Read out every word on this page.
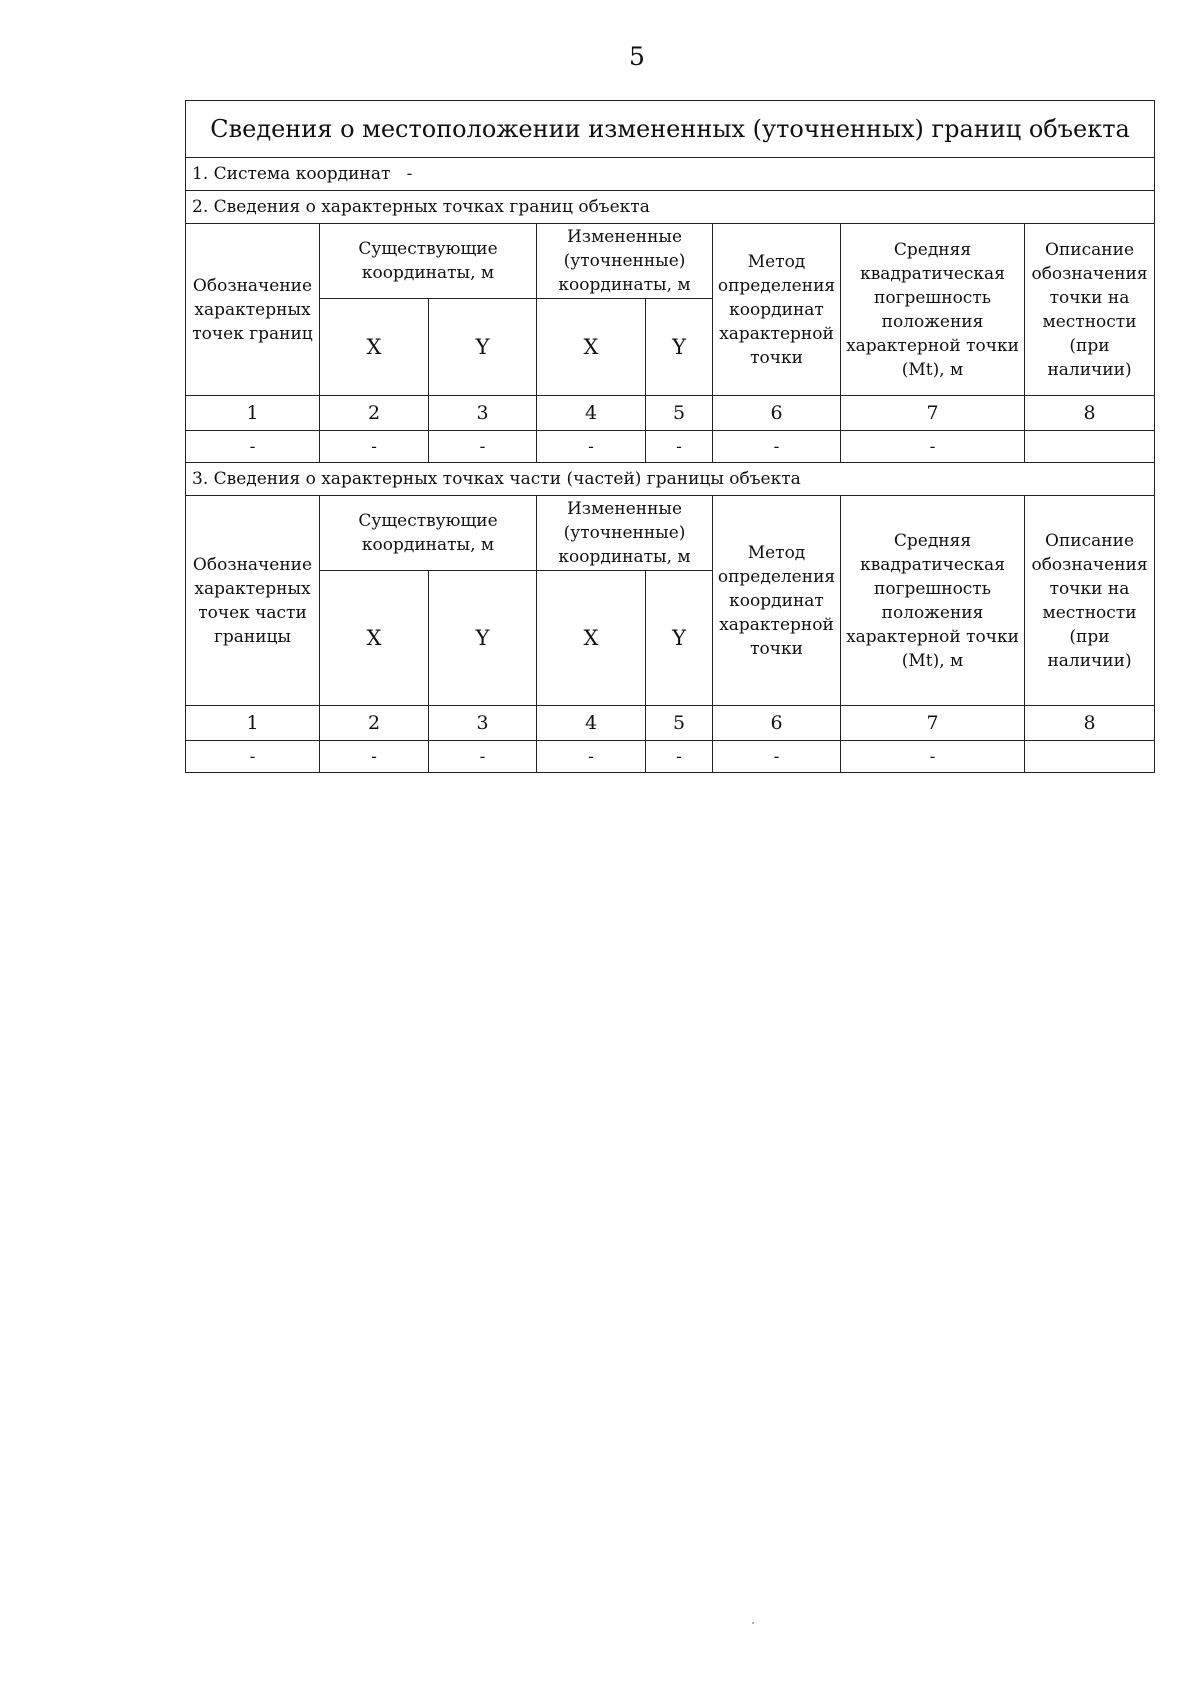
5
Сведения о местоположении измененных (уточненных) границ объекта							
1. Система координат -							
2. Сведения о характерных точках границ объекта							
Обозначение характерных точек границ	Существующие координаты, м		Измененные (уточненные) координаты, м		Метод определения координат характерной точки	Средняя квадратическая погрешность положения характерной точки (Mt), м	Описание обозначения точки на местности (при наличии)
	X	Y	X	Y			
1	2	3	4	5	6	7	8
-	-	-	-	-	-	-	
3. Сведения о характерных точках части (частей) границы объекта							
Обозначение характерных точек части границы	Существующие координаты, м		Измененные (уточненные) координаты, м		Метод определения координат характерной точки	Средняя квадратическая погрешность положения характерной точки (Mt), м	Описание обозначения точки на местности (при наличии)
	X	Y	X	Y			
1	2	3	4	5	6	7	8
-	-	-	-	-	-	-	
